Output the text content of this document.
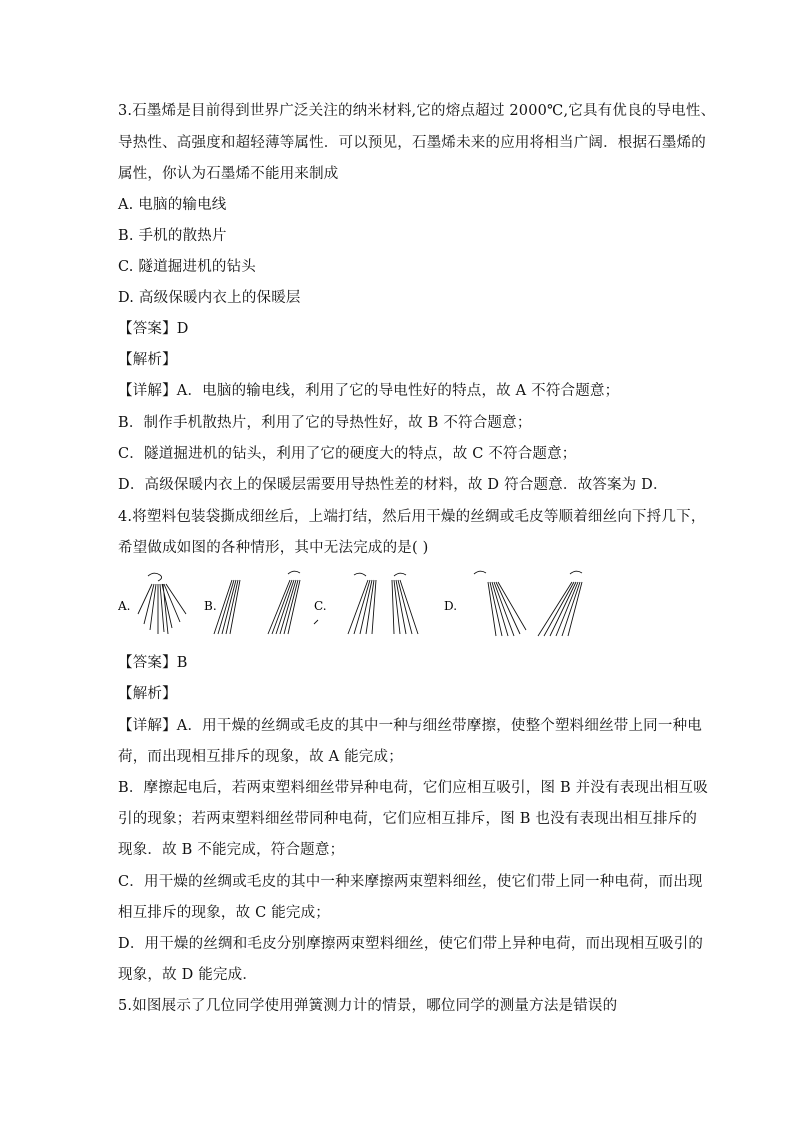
3.石墨烯是目前得到世界广泛关注的纳米材料,它的熔点超过 2000℃,它具有优良的导电性、
导热性、高强度和超轻薄等属性．可以预见，石墨烯未来的应用将相当广阔．根据石墨烯的
属性，你认为石墨烯不能用来制成
A. 电脑的输电线
B. 手机的散热片
C. 隧道掘进机的钻头
D. 高级保暖内衣上的保暖层
【答案】D
【解析】
【详解】A．电脑的输电线，利用了它的导电性好的特点，故 A 不符合题意；
B．制作手机散热片，利用了它的导热性好，故 B 不符合题意；
C．隧道掘进机的钻头，利用了它的硬度大的特点，故 C 不符合题意；
D．高级保暖内衣上的保暖层需要用导热性差的材料，故 D 符合题意．故答案为 D．
4.将塑料包装袋撕成细丝后，上端打结，然后用干燥的丝绸或毛皮等顺着细丝向下捋几下，
希望做成如图的各种情形，其中无法完成的是( )
A.	B.	C.	D.
【答案】B
【解析】
【详解】A．用干燥的丝绸或毛皮的其中一种与细丝带摩擦，使整个塑料细丝带上同一种电
荷，而出现相互排斥的现象，故 A 能完成；
B．摩擦起电后，若两束塑料细丝带异种电荷，它们应相互吸引，图 B 并没有表现出相互吸
引的现象；若两束塑料细丝带同种电荷，它们应相互排斥，图 B 也没有表现出相互排斥的
现象．故 B 不能完成，符合题意；
C．用干燥的丝绸或毛皮的其中一种来摩擦两束塑料细丝，使它们带上同一种电荷，而出现
相互排斥的现象，故 C 能完成；
D．用干燥的丝绸和毛皮分别摩擦两束塑料细丝，使它们带上异种电荷，而出现相互吸引的
现象，故 D 能完成．
5.如图展示了几位同学使用弹簧测力计的情景，哪位同学的测量方法是错误的
